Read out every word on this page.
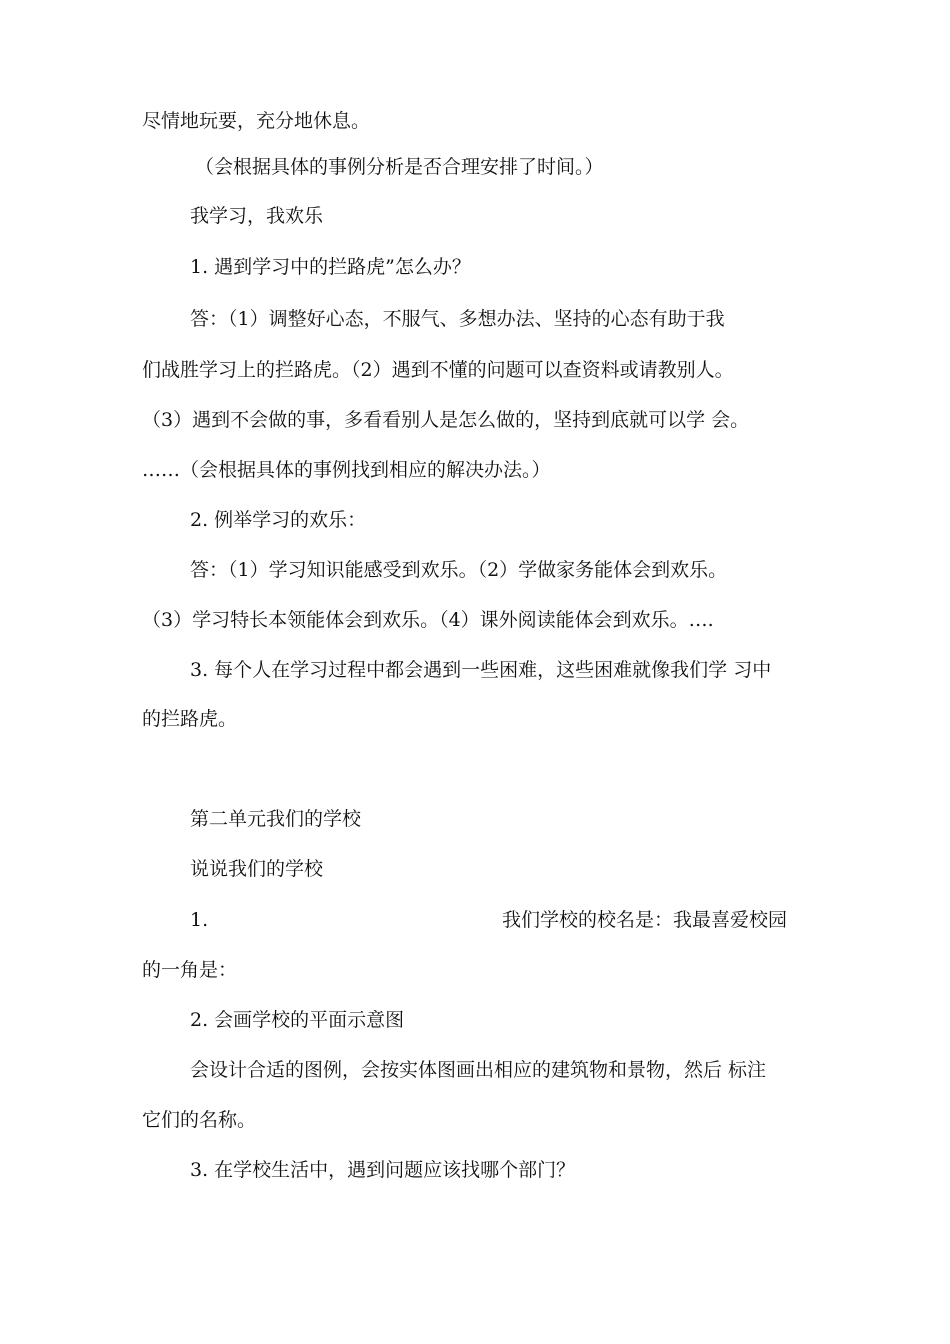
尽情地玩要，充分地休息。
（会根据具体的事例分析是否合理安排了时间。）
我学习，我欢乐
1. 遇到学习中的拦路虎”怎么办？
答：（1）调整好心态，不服气、多想办法、坚持的心态有助于我
们战胜学习上的拦路虎。（2）遇到不懂的问题可以查资料或请教别人。
（3）遇到不会做的事，多看看别人是怎么做的，坚持到底就可以学 会。
……（会根据具体的事例找到相应的解决办法。）
2. 例举学习的欢乐：
答：（1）学习知识能感受到欢乐。（2）学做家务能体会到欢乐。
（3）学习特长本领能体会到欢乐。（4）课外阅读能体会到欢乐。….
3. 每个人在学习过程中都会遇到一些困难，这些困难就像我们学 习中
的拦路虎。
第二单元我们的学校
说说我们的学校
1.	我们学校的校名是：我最喜爱校园
的一角是：
2. 会画学校的平面示意图
会设计合适的图例，会按实体图画出相应的建筑物和景物，然后 标注
它们的名称。
3. 在学校生活中，遇到问题应该找哪个部门？
